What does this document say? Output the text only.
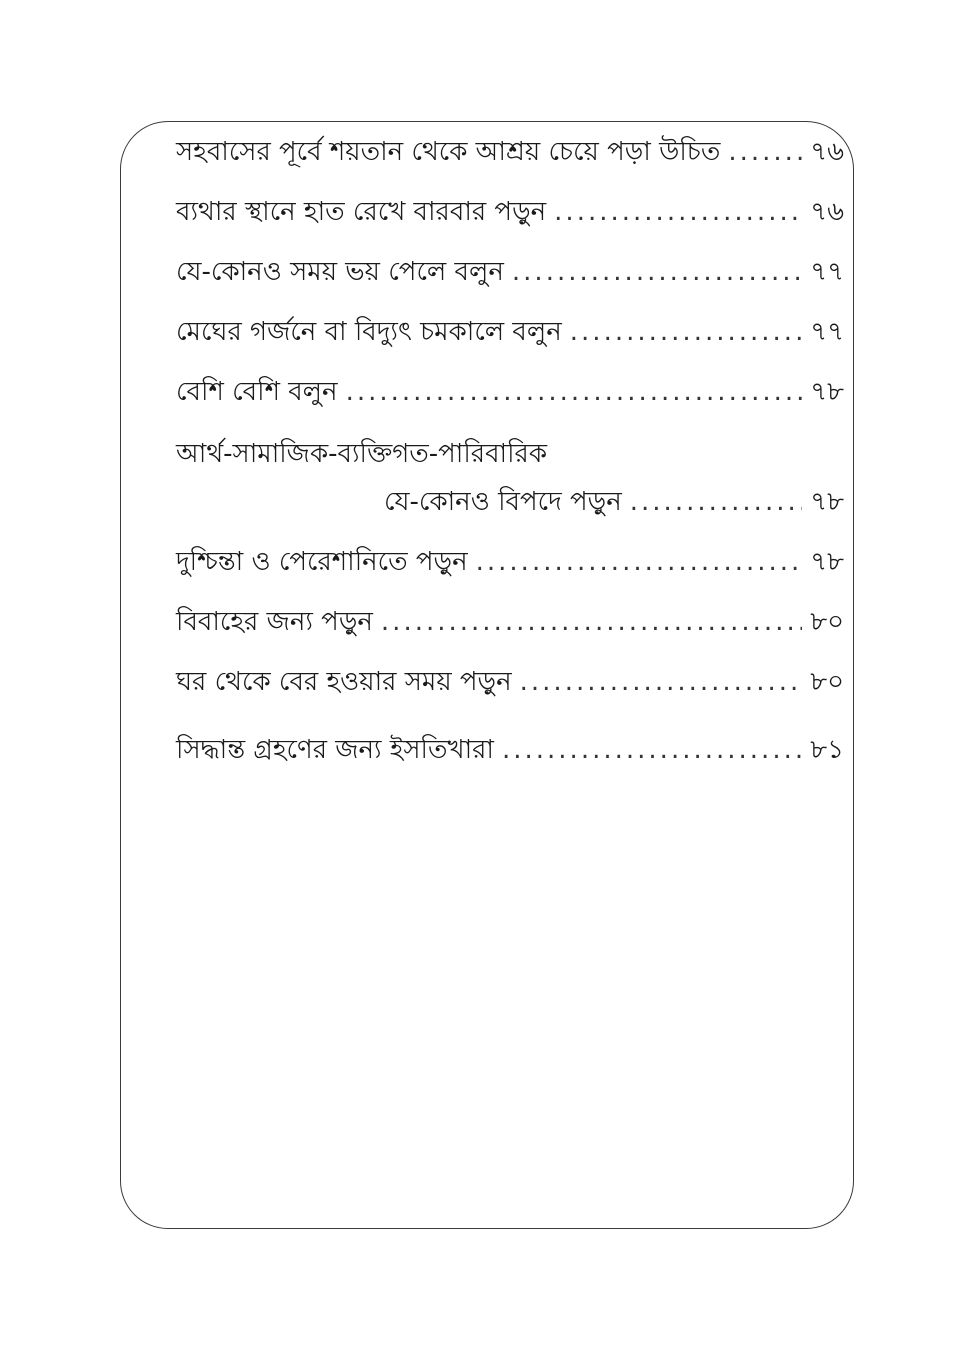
সহবাসের পূর্বে শয়তান থেকে আশ্রয় চেয়ে পড়া উচিত .....	৭৬
ব্যথার স্থানে হাত রেখে বারবার পড়ুন .....	৭৬
যে-কোনও সময় ভয় পেলে বলুন .....	৭৭
মেঘের গর্জনে বা বিদ্যুৎ চমকালে বলুন .....	৭৭
বেশি বেশি বলুন .....	৭৮
আর্থ-সামাজিক-ব্যক্তিগত-পারিবারিক
যে-কোনও বিপদে পড়ুন .....	৭৮
দুশ্চিন্তা ও পেরেশানিতে পড়ুন .....	৭৮
বিবাহের জন্য পড়ুন .....	৮০
ঘর থেকে বের হওয়ার সময় পড়ুন .....	৮০
সিদ্ধান্ত গ্রহণের জন্য ইসতিখারা .....	৮১
